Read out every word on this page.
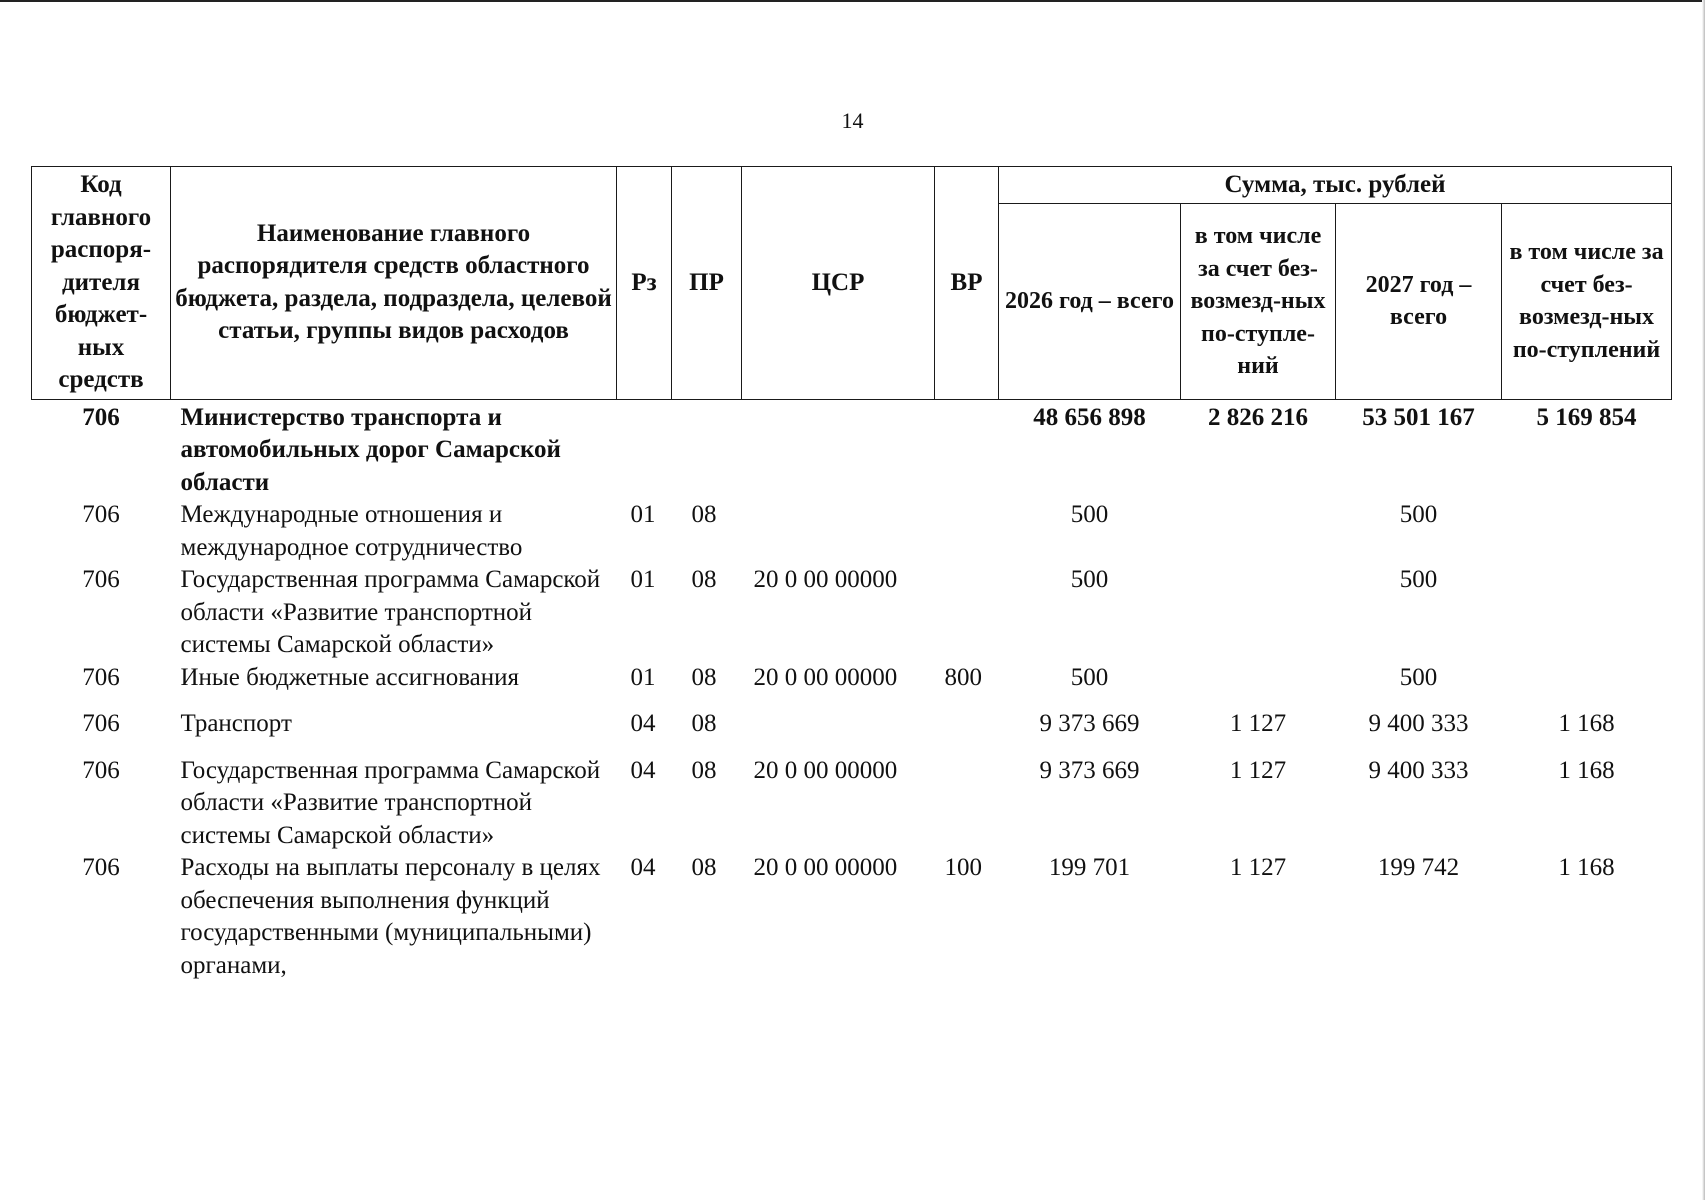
14
Код главного распоря-дителя бюджет-ных средств	Наименование главного распорядителя средств областного бюджета, раздела, подраздела, целевой статьи, группы видов расходов	Рз	ПР	ЦСР	ВР	Сумма, тыс. рублей			
						2026 год – всего	в том числе за счет без-возмезд-ных по-ступле-ний	2027 год – всего	в том числе за счет без-возмезд-ных по-ступлений
706	Министерство транспорта и автомобильных дорог Самарской области					48 656 898	2 826 216	53 501 167	5 169 854
706	Международные отношения и международное сотрудничество	01	08			500		500	
706	Государственная программа Самарской области «Развитие транспортной системы Самарской области»	01	08	20 0 00 00000		500		500	
706	Иные бюджетные ассигнования	01	08	20 0 00 00000	800	500		500	
706	Транспорт	04	08			9 373 669	1 127	9 400 333	1 168
706	Государственная программа Самарской области «Развитие транспортной системы Самарской области»	04	08	20 0 00 00000		9 373 669	1 127	9 400 333	1 168
706	Расходы на выплаты персоналу в целях обеспечения выполнения функций государственными (муниципальными) органами,	04	08	20 0 00 00000	100	199 701	1 127	199 742	1 168
